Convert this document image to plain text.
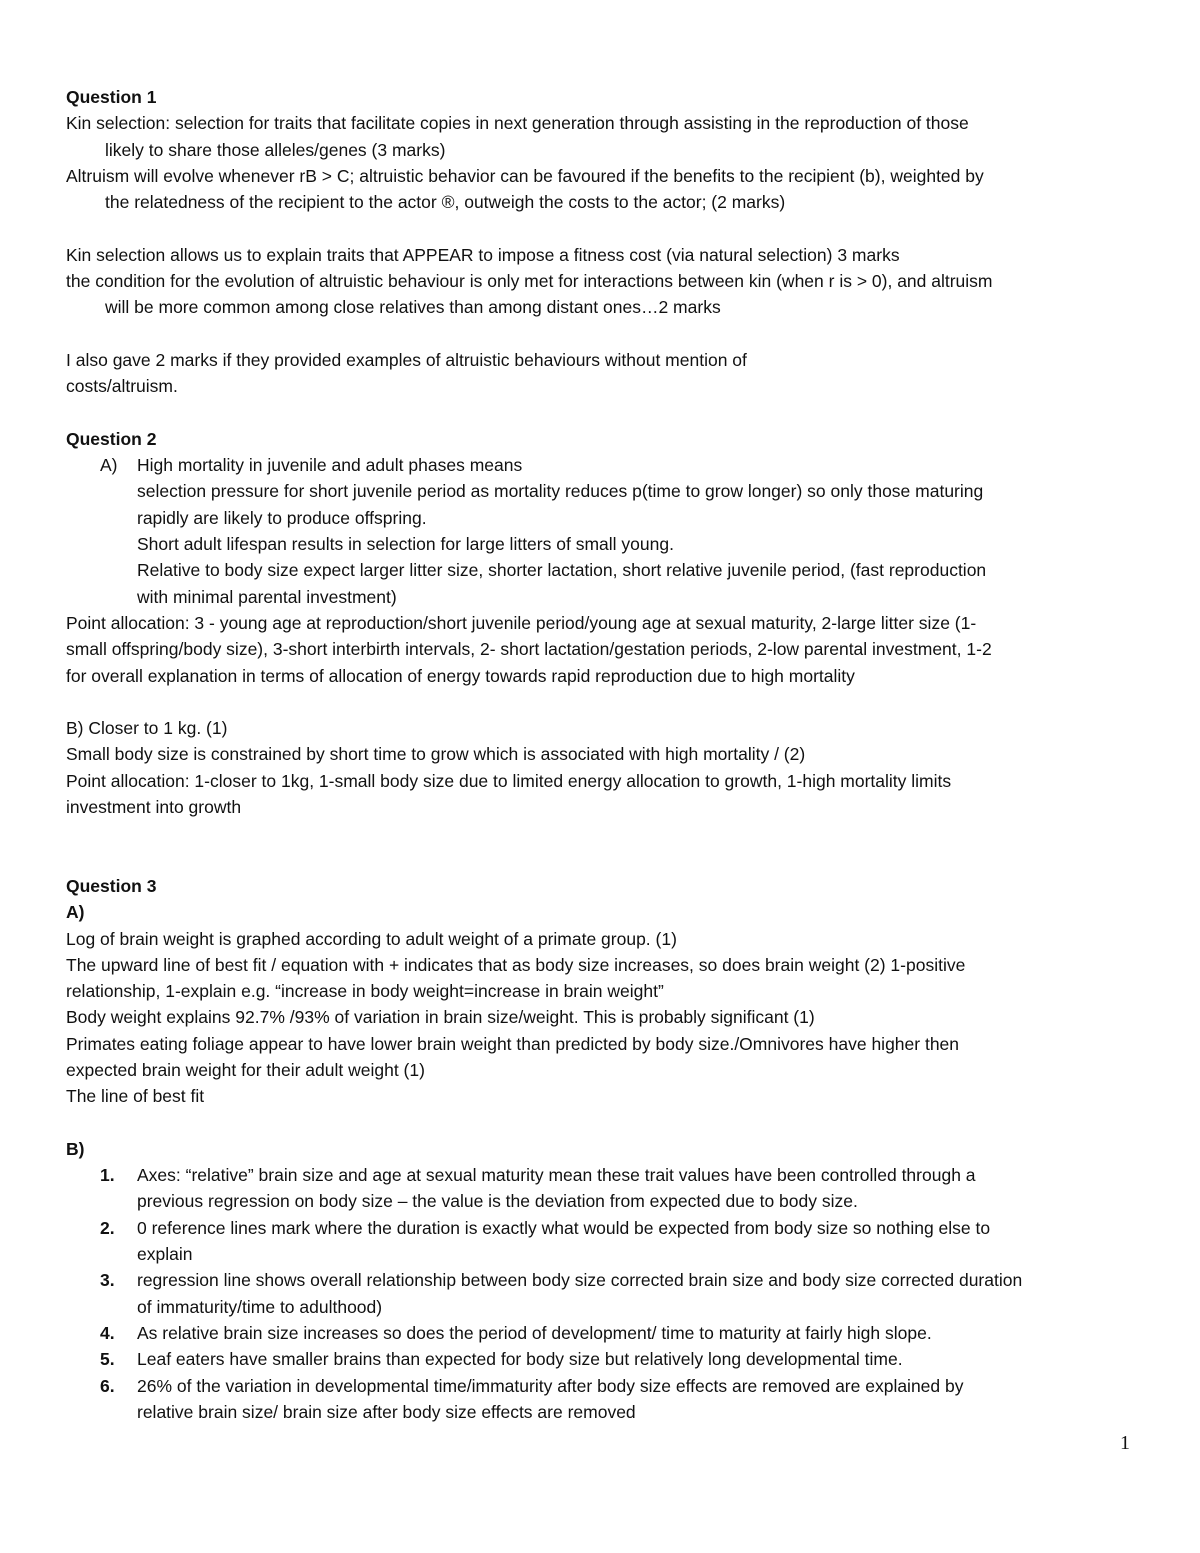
Question 1
Kin selection: selection for traits that facilitate copies in next generation through assisting in the reproduction of those
likely to share those alleles/genes (3 marks)
Altruism will evolve whenever rB > C; altruistic behavior can be favoured if the benefits to the recipient (b), weighted by
the relatedness of the recipient to the actor ®, outweigh the costs to the actor; (2 marks)
Kin selection allows us to explain traits that APPEAR to impose a fitness cost (via natural selection) 3 marks
the condition for the evolution of altruistic behaviour is only met for interactions between kin (when r is > 0), and altruism
will be more common among close relatives than among distant ones…2 marks
I also gave 2 marks if they provided examples of altruistic behaviours without mention of
costs/altruism.
Question 2
A)	High mortality in juvenile and adult phases means
selection pressure for short juvenile period as mortality reduces p(time to grow longer) so only those maturing
rapidly are likely to produce offspring.
Short adult lifespan results in selection for large litters of small young.
Relative to body size expect larger litter size, shorter lactation, short relative juvenile period, (fast reproduction
with minimal parental investment)
Point allocation: 3 - young age at reproduction/short juvenile period/young age at sexual maturity, 2-large litter size (1-
small offspring/body size), 3-short interbirth intervals, 2- short lactation/gestation periods, 2-low parental investment, 1-2
for overall explanation in terms of allocation of energy towards rapid reproduction due to high mortality
B) Closer to 1 kg. (1)
Small body size is constrained by short time to grow which is associated with high mortality / (2)
Point allocation: 1-closer to 1kg, 1-small body size due to limited energy allocation to growth, 1-high mortality limits
investment into growth
Question 3
A)
Log of brain weight is graphed according to adult weight of a primate group. (1)
The upward line of best fit / equation with + indicates that as body size increases, so does brain weight (2) 1-positive
relationship, 1-explain e.g. “increase in body weight=increase in brain weight”
Body weight explains 92.7% /93% of variation in brain size/weight. This is probably significant (1)
Primates eating foliage appear to have lower brain weight than predicted by body size./Omnivores have higher then
expected brain weight for their adult weight (1)
The line of best fit
B)
1.	Axes: “relative” brain size and age at sexual maturity mean these trait values have been controlled through a
previous regression on body size – the value is the deviation from expected due to body size.
2.	0 reference lines mark where the duration is exactly what would be expected from body size so nothing else to
explain
3.	regression line shows overall relationship between body size corrected brain size and body size corrected duration
of immaturity/time to adulthood)
4.	As relative brain size increases so does the period of development/ time to maturity at fairly high slope.
5.	Leaf eaters have smaller brains than expected for body size but relatively long developmental time.
6.	26% of the variation in developmental time/immaturity after body size effects are removed are explained by
relative brain size/ brain size after body size effects are removed
1
